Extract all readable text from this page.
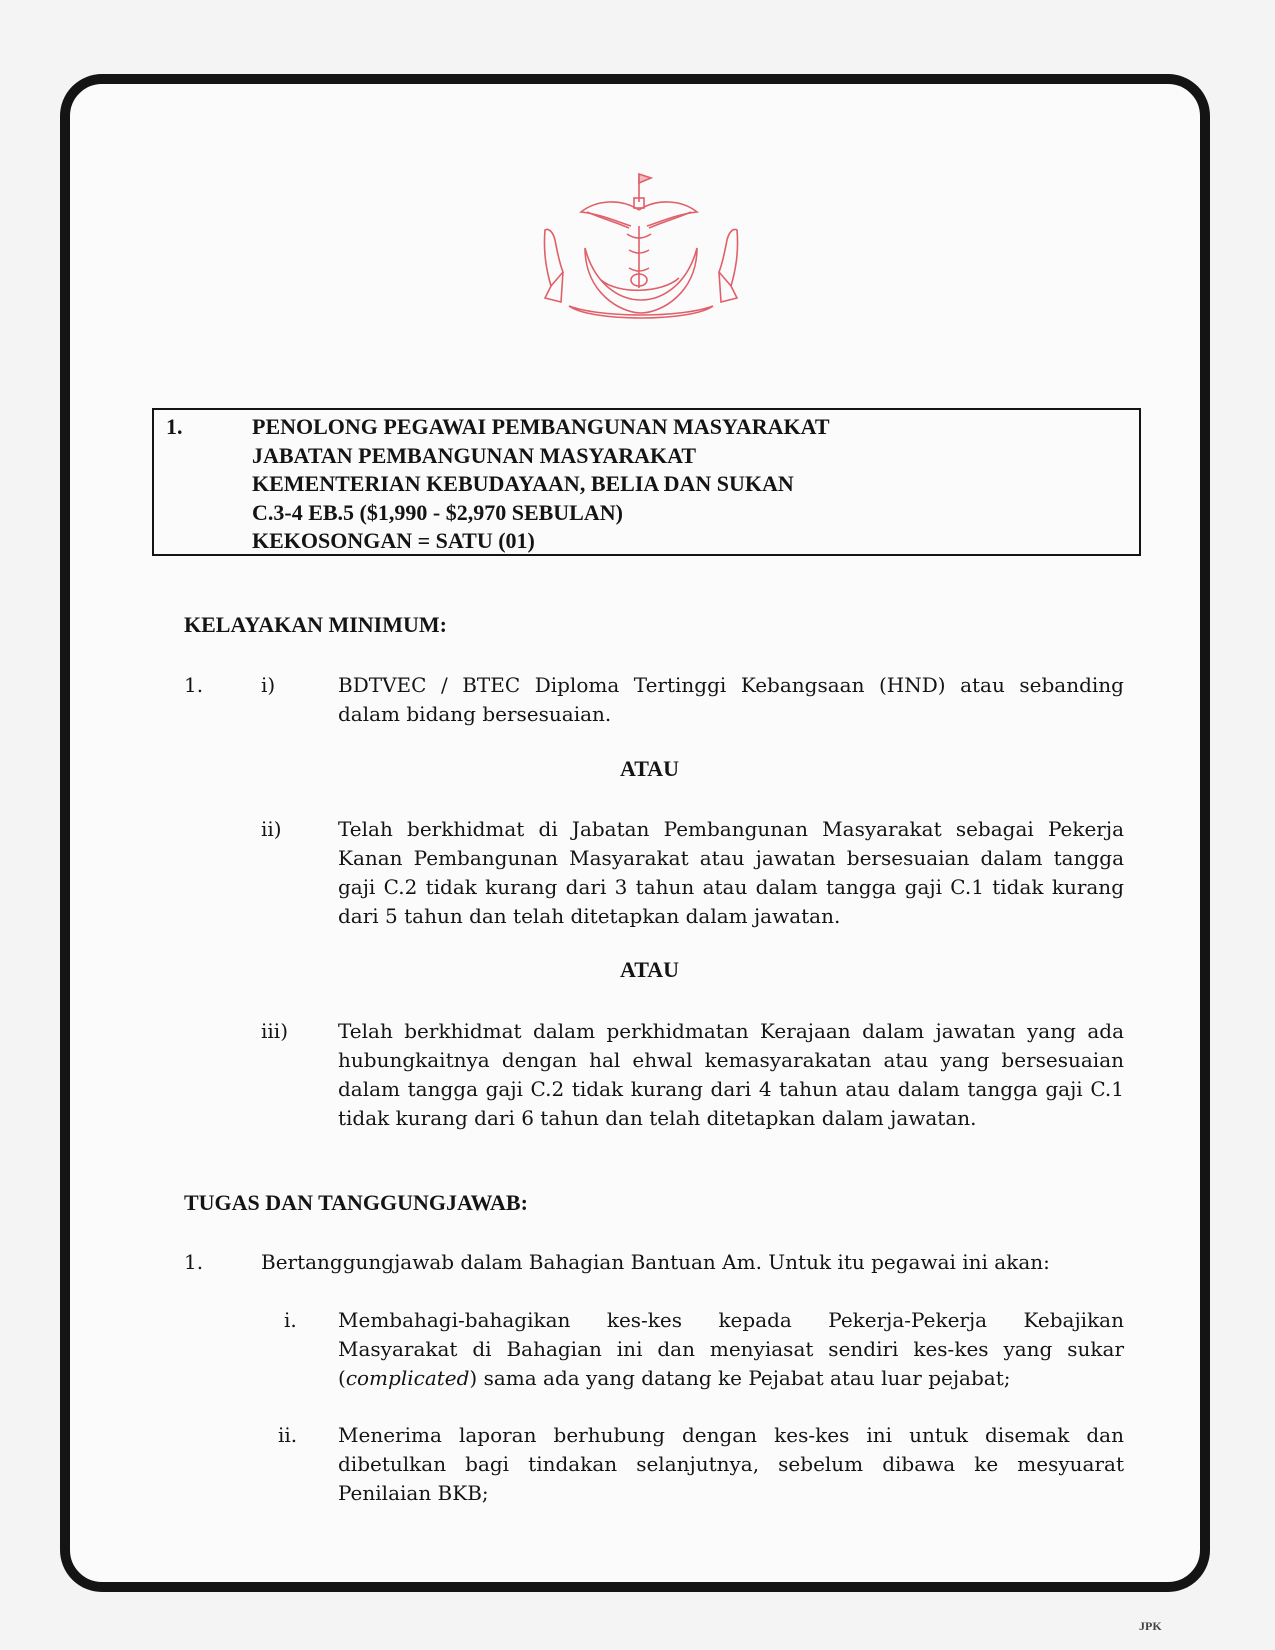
1.	PENOLONG PEGAWAI PEMBANGUNAN MASYARAKAT
JABATAN PEMBANGUNAN MASYARAKAT
KEMENTERIAN KEBUDAYAAN, BELIA DAN SUKAN
C.3-4 EB.5 ($1,990 - $2,970 SEBULAN)
KEKOSONGAN = SATU (01)
KELAYAKAN MINIMUM:
1.	i)	BDTVEC / BTEC Diploma Tertinggi Kebangsaan (HND) atau sebanding dalam bidang bersesuaian.
ATAU
ii)	Telah berkhidmat di Jabatan Pembangunan Masyarakat sebagai Pekerja Kanan Pembangunan Masyarakat atau jawatan bersesuaian dalam tangga gaji C.2 tidak kurang dari 3 tahun atau dalam tangga gaji C.1 tidak kurang dari 5 tahun dan telah ditetapkan dalam jawatan.
ATAU
iii)	Telah berkhidmat dalam perkhidmatan Kerajaan dalam jawatan yang ada hubungkaitnya dengan hal ehwal kemasyarakatan atau yang bersesuaian dalam tangga gaji C.2 tidak kurang dari 4 tahun atau dalam tangga gaji C.1 tidak kurang dari 6 tahun dan telah ditetapkan dalam jawatan.
TUGAS DAN TANGGUNGJAWAB:
1.	Bertanggungjawab dalam Bahagian Bantuan Am. Untuk itu pegawai ini akan:
i. Membahagi-bahagikan kes-kes kepada Pekerja-Pekerja Kebajikan Masyarakat di Bahagian ini dan menyiasat sendiri kes-kes yang sukar (complicated) sama ada yang datang ke Pejabat atau luar pejabat;
ii. Menerima laporan berhubung dengan kes-kes ini untuk disemak dan dibetulkan bagi tindakan selanjutnya, sebelum dibawa ke mesyuarat Penilaian BKB;
JPK
